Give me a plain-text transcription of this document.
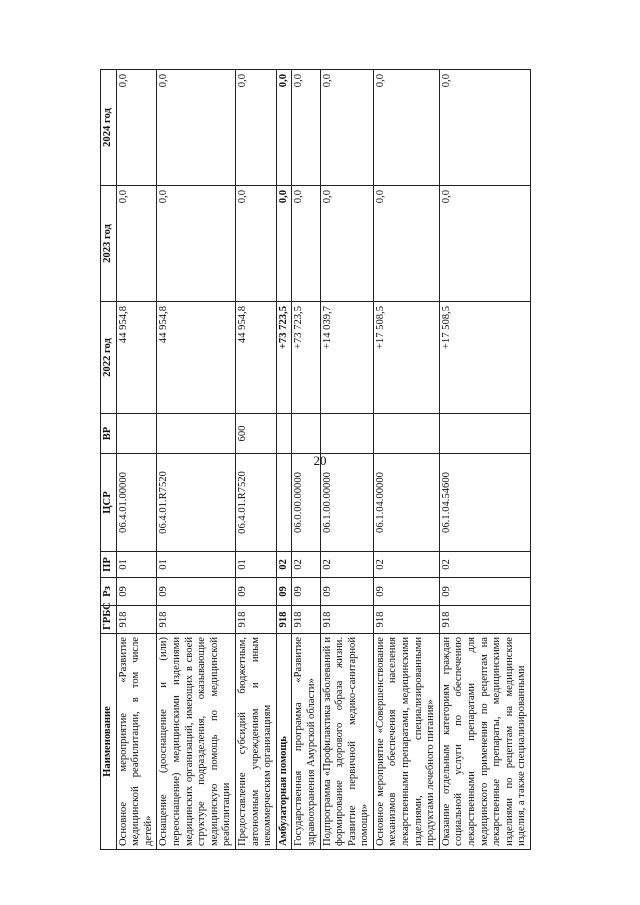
20
Наименование	ГРБС	Рз	ПР	ЦСР	ВР	2022 год	2023 год	2024 год
Основное мероприятие «Развитие медицинской реабилитации, в том числе детей»	918	09	01	06.4.01.00000		44 954,8	0,0	0,0
Оснащение (дооснащение и (или) переоснащение) медицинскими изделиями медицинских организаций, имеющих в своей структуре подразделения, оказывающие медицинскую помощь по медицинской реабилитации	918	09	01	06.4.01.R7520		44 954,8	0,0	0,0
Предоставление субсидий бюджетным, автономным учреждениям и иным некоммерческим организациям	918	09	01	06.4.01.R7520	600	44 954,8	0,0	0,0
Амбулаторная помощь	918	09	02			+73 723,5	0,0	0,0
Государственная программа «Развитие здравоохранения Амурской области»	918	09	02	06.0.00.00000		+73 723,5	0,0	0,0
Подпрограмма «Профилактика заболеваний и формирование здорового образа жизни. Развитие первичной медико-санитарной помощи»	918	09	02	06.1.00.00000		+14 039,7	0,0	0,0
Основное мероприятие «Совершенствование механизмов обеспечения населения лекарственными препаратами, медицинскими изделиями, специализированными продуктами лечебного питания»	918	09	02	06.1.04.00000		+17 508,5	0,0	0,0
Оказание отдельным категориям граждан социальной услуги по обеспечению лекарственными препаратами для медицинского применения по рецептам на лекарственные препараты, медицинскими изделиями по рецептам на медицинские изделия, а также специализированными	918	09	02	06.1.04.54600		+17 508,5	0,0	0,0
